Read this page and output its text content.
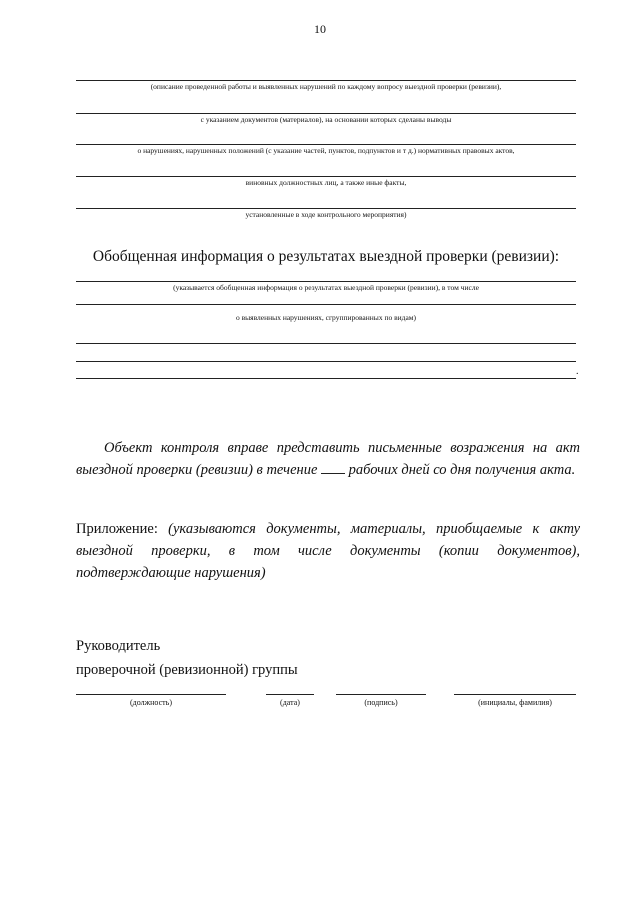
10
(описание проведенной работы и выявленных нарушений по каждому вопросу выездной проверки (ревизии),
с указанием документов (материалов), на основании которых сделаны выводы
о нарушениях, нарушенных положений (с указание частей, пунктов, подпунктов и т д.) нормативных правовых актов,
виновных должностных лиц, а также иные факты,
установленные в ходе контрольного мероприятия)
Обобщенная информация о результатах выездной проверки (ревизии):
(указывается обобщенная информация о результатах выездной проверки (ревизии), в том числе
о выявленных нарушениях, сгруппированных по видам)
.
Объект контроля вправе представить письменные возражения на акт выездной проверки (ревизии) в течение рабочих дней со дня получения акта.
Приложение: (указываются документы, материалы, приобщаемые к акту выездной проверки, в том числе документы (копии документов), подтверждающие нарушения)
Руководитель
проверочной (ревизионной) группы
(должность)	(дата)	(подпись)	(инициалы, фамилия)
